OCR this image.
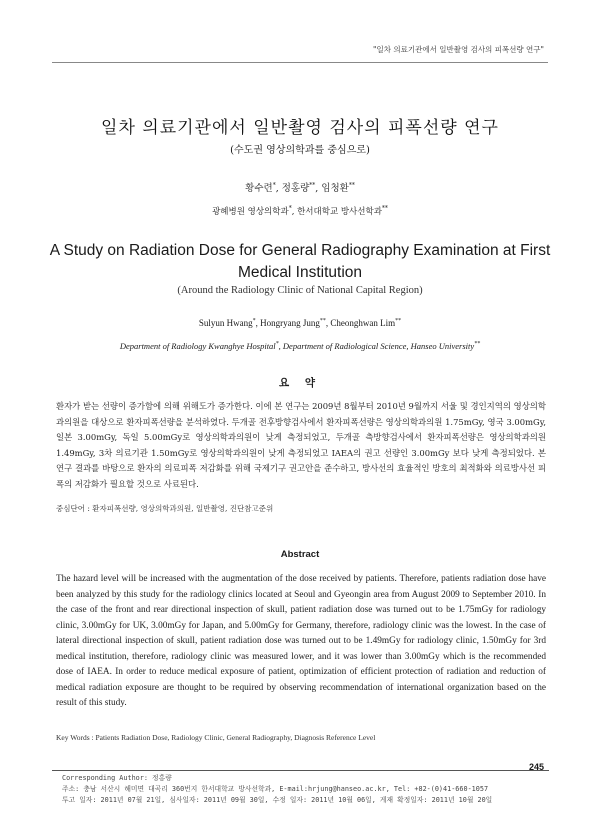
"일차 의료기관에서 일반촬영 검사의 피폭선량 연구"
일차 의료기관에서 일반촬영 검사의 피폭선량 연구
(수도권 영상의학과를 중심으로)
황수련*, 정홍량**, 임청환**
광혜병원 영상의학과*, 한서대학교 방사선학과**
A Study on Radiation Dose for General Radiography Examination at First Medical Institution
(Around the Radiology Clinic of National Capital Region)
Sulyun Hwang*, Hongryang Jung**, Cheonghwan Lim**
Department of Radiology Kwanghye Hospital*, Department of Radiological Science, Hanseo University**
요 약
환자가 받는 선량이 증가함에 의해 위해도가 증가한다. 이에 본 연구는 2009년 8월부터 2010년 9월까지 서울 및 경인지역의 영상의학과의원을 대상으로 환자피폭선량을 분석하였다. 두개골 전후방향검사에서 환자피폭선량은 영상의학과의원 1.75mGy, 영국 3.00mGy, 일본 3.00mGy, 독일 5.00mGy로 영상의학과의원이 낮게 측정되었고, 두개골 측방향검사에서 환자피폭선량은 영상의학과의원 1.49mGy, 3차 의료기관 1.50mGy로 영상의학과의원이 낮게 측정되었고 IAEA의 권고 선량인 3.00mGy 보다 낮게 측정되었다. 본 연구 결과를 바탕으로 환자의 의료피폭 저감화를 위해 국제기구 권고안을 준수하고, 방사선의 효율적인 방호의 최적화와 의료방사선 피폭의 저감화가 필요할 것으로 사료된다.
중심단어 : 환자피폭선량, 영상의학과의원, 일반촬영, 진단참고준위
Abstract
The hazard level will be increased with the augmentation of the dose received by patients. Therefore, patients radiation dose have been analyzed by this study for the radiology clinics located at Seoul and Gyeongin area from August 2009 to September 2010. In the case of the front and rear directional inspection of skull, patient radiation dose was turned out to be 1.75mGy for radiology clinic, 3.00mGy for UK, 3.00mGy for Japan, and 5.00mGy for Germany, therefore, radiology clinic was the lowest. In the case of lateral directional inspection of skull, patient radiation dose was turned out to be 1.49mGy for radiology clinic, 1.50mGy for 3rd medical institution, therefore, radiology clinic was measured lower, and it was lower than 3.00mGy which is the recommended dose of IAEA. In order to reduce medical exposure of patient, optimization of efficient protection of radiation and reduction of medical radiation exposure are thought to be required by observing recommendation of international organization based on the result of this study.
Key Words : Patients Radiation Dose, Radiology Clinic, General Radiography, Diagnosis Reference Level
245
Corresponding Author: 정홍량
주소: 충남 서산시 해미면 대곡리 360번지 한서대학교 방사선학과, E-mail:hrjung@hanseo.ac.kr, Tel: +82-(0)41-660-1057
투고 일자: 2011년 07월 21일, 심사일자: 2011년 09월 30일, 수정 일자: 2011년 10월 06일, 게재 확정일자: 2011년 10월 20일
